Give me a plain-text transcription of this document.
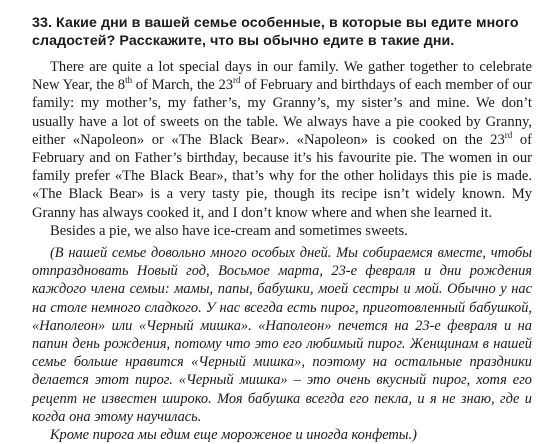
33. Какие дни в вашей семье особенные, в которые вы едите много сладостей? Расскажите, что вы обычно едите в такие дни.

There are quite a lot special days in our family. We gather together to celebrate New Year, the 8th of March, the 23rd of February and birthdays of each member of our family: my mother’s, my father’s, my Granny’s, my sister’s and mine. We don’t usually have a lot of sweets on the table. We always have a pie cooked by Granny, either «Napoleon» or «The Black Bear». «Napoleon» is cooked on the 23rd of February and on Father’s birthday, because it’s his favourite pie. The women in our family prefer «The Black Bear», that’s why for the other holidays this pie is made. «The Black Bear» is a very tasty pie, though its recipe isn’t widely known. My Granny has always cooked it, and I don’t know where and when she learned it.

Besides a pie, we also have ice-cream and sometimes sweets.

(В нашей семье довольно много особых дней. Мы собираемся вместе, чтобы отпраздновать Новый год, Восьмое марта, 23-е февраля и дни рождения каждого члена семьи: мамы, папы, бабушки, моей сестры и мой. Обычно у нас на столе немного сладкого. У нас всегда есть пирог, приготовленный бабушкой, «Наполеон» или «Черный мишка». «Наполеон» печется на 23-е февраля и на папин день рождения, потому что это его любимый пирог. Женщинам в нашей семье больше нравится «Черный мишка», поэтому на остальные праздники делается этот пирог. «Черный мишка» – это очень вкусный пирог, хотя его рецепт не известен широко. Моя бабушка всегда его пекла, и я не знаю, где и когда она этому научилась.

Кроме пирога мы едим еще мороженое и иногда конфеты.)
